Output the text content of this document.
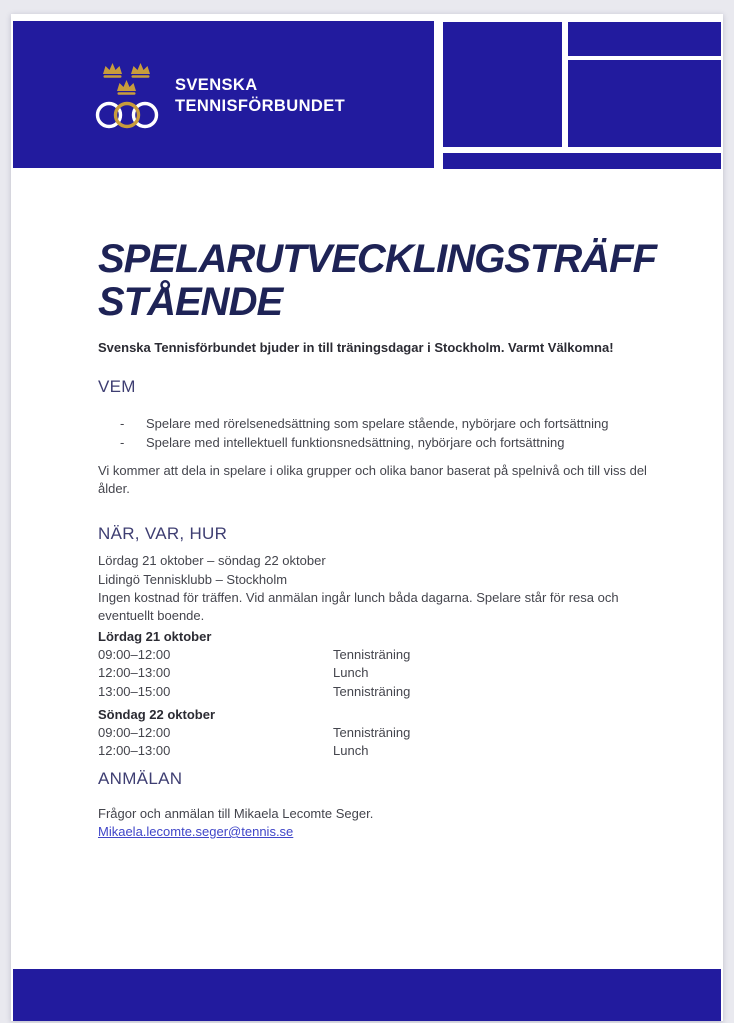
SVENSKA
TENNISFÖRBUNDET
SPELARUTVECKLINGSTRÄFF
STÅENDE

Svenska Tennisförbundet bjuder in till träningsdagar i Stockholm. Varmt Välkomna!

VEM
-	Spelare med rörelsenedsättning som spelare stående, nybörjare och fortsättning
-	Spelare med intellektuell funktionsnedsättning, nybörjare och fortsättning

Vi kommer att dela in spelare i olika grupper och olika banor baserat på spelnivå och till viss del ålder.

NÄR, VAR, HUR
Lördag 21 oktober – söndag 22 oktober
Lidingö Tennisklubb – Stockholm
Ingen kostnad för träffen. Vid anmälan ingår lunch båda dagarna. Spelare står för resa och eventuellt boende.
Lördag 21 oktober
09:00–12:00	Tennisträning
12:00–13:00	Lunch
13:00–15:00	Tennisträning
Söndag 22 oktober
09:00–12:00	Tennisträning
12:00–13:00	Lunch
ANMÄLAN

Frågor och anmälan till Mikaela Lecomte Seger.

Mikaela.lecomte.seger@tennis.se
